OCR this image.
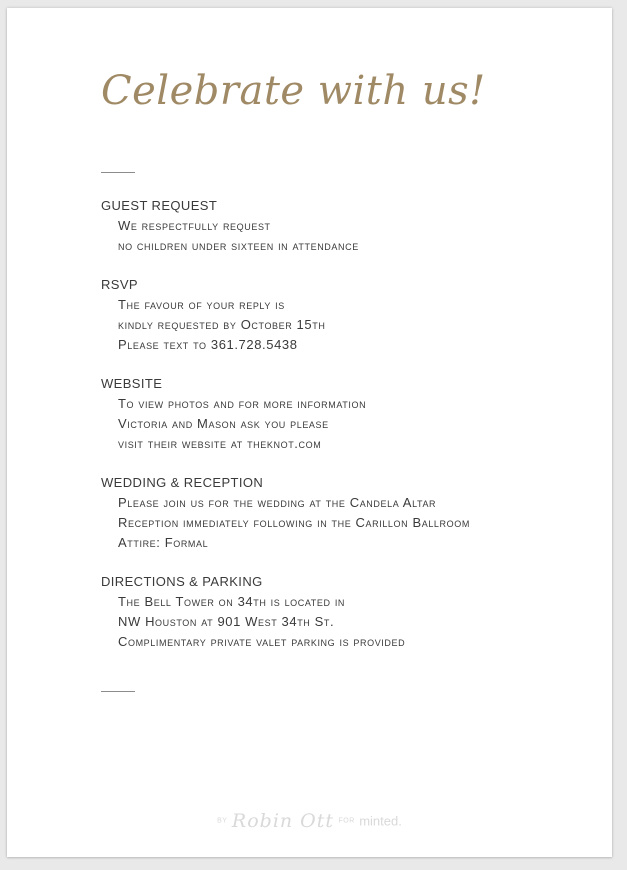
Celebrate with us!
GUEST REQUEST
We respectfully request
no children under sixteen in attendance
RSVP
The favour of your reply is
kindly requested by October 15th
Please text to 361.728.5438
WEBSITE
To view photos and for more information
Victoria and Mason ask you please
visit their website at theknot.com
WEDDING & RECEPTION
Please join us for the wedding at the Candela Altar
Reception immediately following in the Carillon Ballroom
Attire: Formal
DIRECTIONS & PARKING
The Bell Tower on 34th is located in
NW Houston at 901 West 34th St.
Complimentary private valet parking is provided
BY Robin Ott FOR minted.
